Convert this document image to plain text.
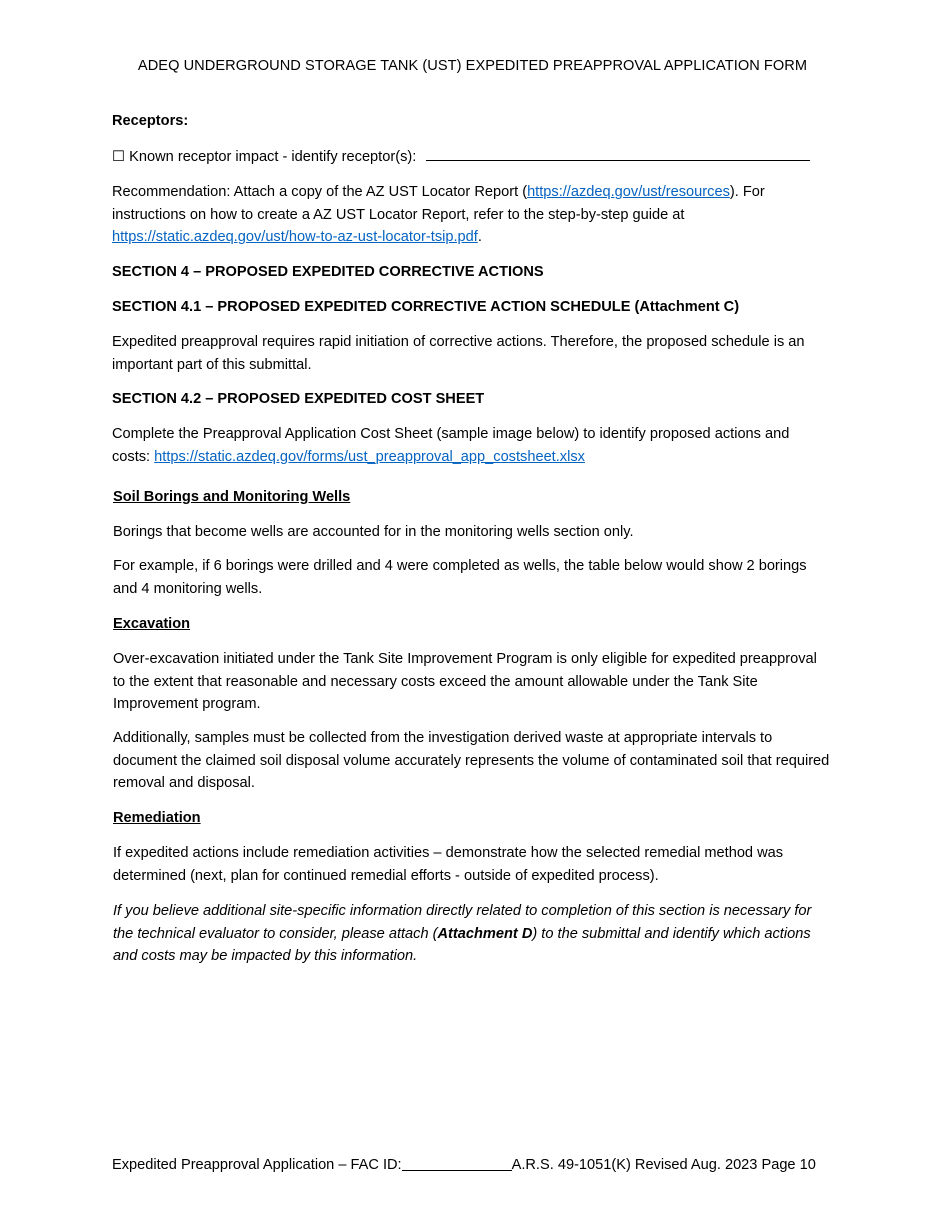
ADEQ UNDERGROUND STORAGE TANK (UST) EXPEDITED PREAPPROVAL APPLICATION FORM
Receptors:
☐ Known receptor impact - identify receptor(s):
Recommendation: Attach a copy of the AZ UST Locator Report (https://azdeq.gov/ust/resources). For instructions on how to create a AZ UST Locator Report, refer to the step-by-step guide at https://static.azdeq.gov/ust/how-to-az-ust-locator-tsip.pdf.
SECTION 4 – PROPOSED EXPEDITED CORRECTIVE ACTIONS
SECTION 4.1 – PROPOSED EXPEDITED CORRECTIVE ACTION SCHEDULE (Attachment C)
Expedited preapproval requires rapid initiation of corrective actions. Therefore, the proposed schedule is an important part of this submittal.
SECTION 4.2 – PROPOSED EXPEDITED COST SHEET
Complete the Preapproval Application Cost Sheet (sample image below) to identify proposed actions and costs: https://static.azdeq.gov/forms/ust_preapproval_app_costsheet.xlsx
Soil Borings and Monitoring Wells
Borings that become wells are accounted for in the monitoring wells section only.
For example, if 6 borings were drilled and 4 were completed as wells, the table below would show 2 borings and 4 monitoring wells.
Excavation
Over-excavation initiated under the Tank Site Improvement Program is only eligible for expedited preapproval to the extent that reasonable and necessary costs exceed the amount allowable under the Tank Site Improvement program.
Additionally, samples must be collected from the investigation derived waste at appropriate intervals to document the claimed soil disposal volume accurately represents the volume of contaminated soil that required removal and disposal.
Remediation
If expedited actions include remediation activities – demonstrate how the selected remedial method was determined (next, plan for continued remedial efforts - outside of expedited process).
If you believe additional site-specific information directly related to completion of this section is necessary for the technical evaluator to consider, please attach (Attachment D) to the submittal and identify which actions and costs may be impacted by this information.
Expedited Preapproval Application – FAC ID:	A.R.S. 49-1051(K) Revised Aug. 2023 Page 10
